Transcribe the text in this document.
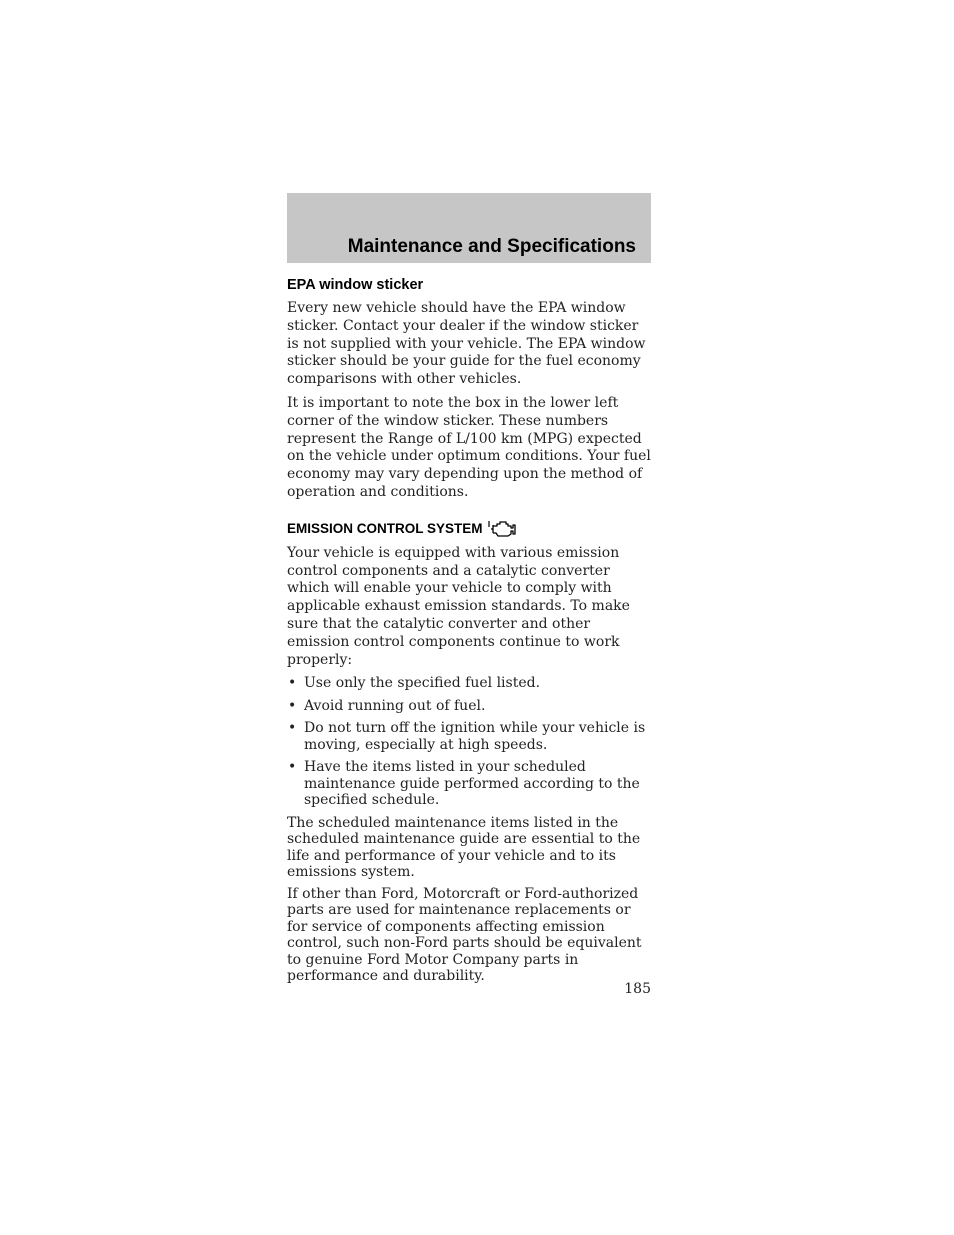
Maintenance and Specifications
EPA window sticker

Every new vehicle should have the EPA window sticker. Contact your dealer if the window sticker is not supplied with your vehicle. The EPA window sticker should be your guide for the fuel economy comparisons with other vehicles.

It is important to note the box in the lower left corner of the window sticker. These numbers represent the Range of L/100 km (MPG) expected on the vehicle under optimum conditions. Your fuel economy may vary depending upon the method of operation and conditions.

EMISSION CONTROL SYSTEM

Your vehicle is equipped with various emission control components and a catalytic converter which will enable your vehicle to comply with applicable exhaust emission standards. To make sure that the catalytic converter and other emission control components continue to work properly:

• Use only the specified fuel listed.
• Avoid running out of fuel.
• Do not turn off the ignition while your vehicle is moving, especially at high speeds.
• Have the items listed in your scheduled maintenance guide performed according to the specified schedule.

The scheduled maintenance items listed in the scheduled maintenance guide are essential to the life and performance of your vehicle and to its emissions system.

If other than Ford, Motorcraft or Ford-authorized parts are used for maintenance replacements or for service of components affecting emission control, such non-Ford parts should be equivalent to genuine Ford Motor Company parts in performance and durability.

185
